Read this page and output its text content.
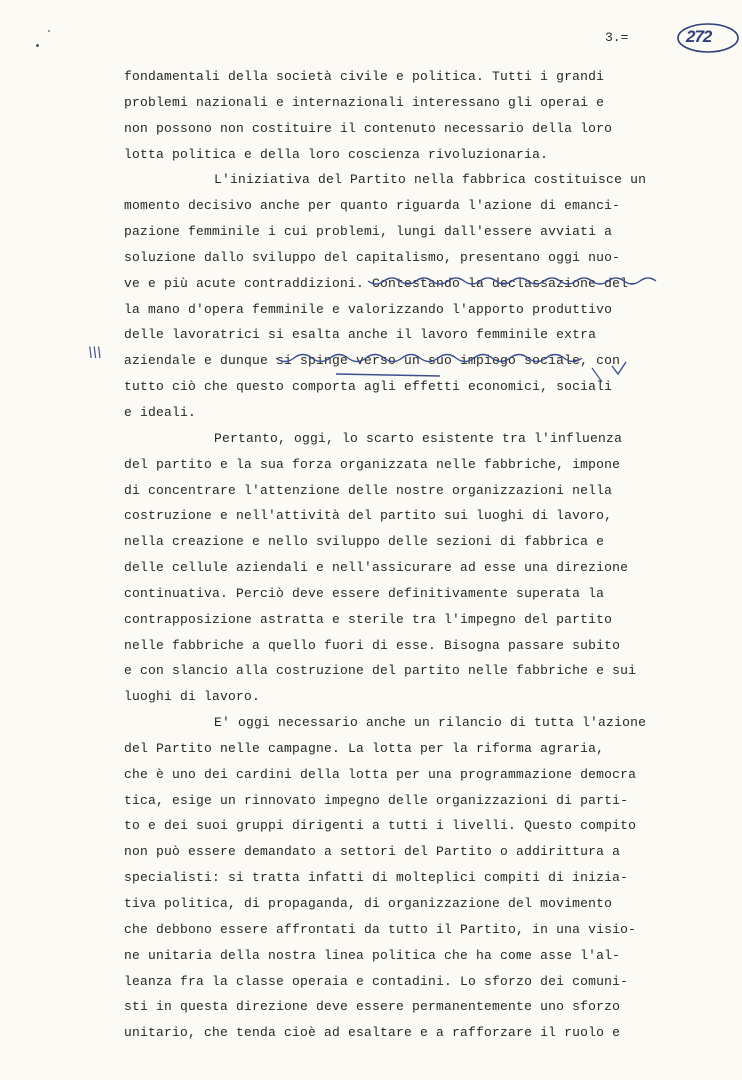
3.=	272
\\\
fondamentali della società civile e politica. Tutti i grandi
problemi nazionali e internazionali interessano gli operai e
non possono non costituire il contenuto necessario della loro
lotta politica e della loro coscienza rivoluzionaria.
L'iniziativa del Partito nella fabbrica costituisce un
momento decisivo anche per quanto riguarda l'azione di emanci-
pazione femminile i cui problemi, lungi dall'essere avviati a
soluzione dallo sviluppo del capitalismo, presentano oggi nuo-
ve e più acute contraddizioni. Contestando la declassazione del-
la mano d'opera femminile e valorizzando l'apporto produttivo
delle lavoratrici si esalta anche il lavoro femminile extra
aziendale e dunque si spinge verso un suo impiego sociale, con
tutto ciò che questo comporta agli effetti economici, sociali
e ideali.
Pertanto, oggi, lo scarto esistente tra l'influenza
del partito e la sua forza organizzata nelle fabbriche, impone
di concentrare l'attenzione delle nostre organizzazioni nella
costruzione e nell'attività del partito sui luoghi di lavoro,
nella creazione e nello sviluppo delle sezioni di fabbrica e
delle cellule aziendali e nell'assicurare ad esse una direzione
continuativa. Perciò deve essere definitivamente superata la
contrapposizione astratta e sterile tra l'impegno del partito
nelle fabbriche a quello fuori di esse. Bisogna passare subito
e con slancio alla costruzione del partito nelle fabbriche e sui
luoghi di lavoro.
E' oggi necessario anche un rilancio di tutta l'azione
del Partito nelle campagne. La lotta per la riforma agraria,
che è uno dei cardini della lotta per una programmazione democra
tica, esige un rinnovato impegno delle organizzazioni di parti-
to e dei suoi gruppi dirigenti a tutti i livelli. Questo compito
non può essere demandato a settori del Partito o addirittura a
specialisti: si tratta infatti di molteplici compiti di inizia-
tiva politica, di propaganda, di organizzazione del movimento
che debbono essere affrontati da tutto il Partito, in una visio-
ne unitaria della nostra linea politica che ha come asse l'al-
leanza fra la classe operaia e contadini. Lo sforzo dei comuni-
sti in questa direzione deve essere permanentemente uno sforzo
unitario, che tenda cioè ad esaltare e a rafforzare il ruolo e
